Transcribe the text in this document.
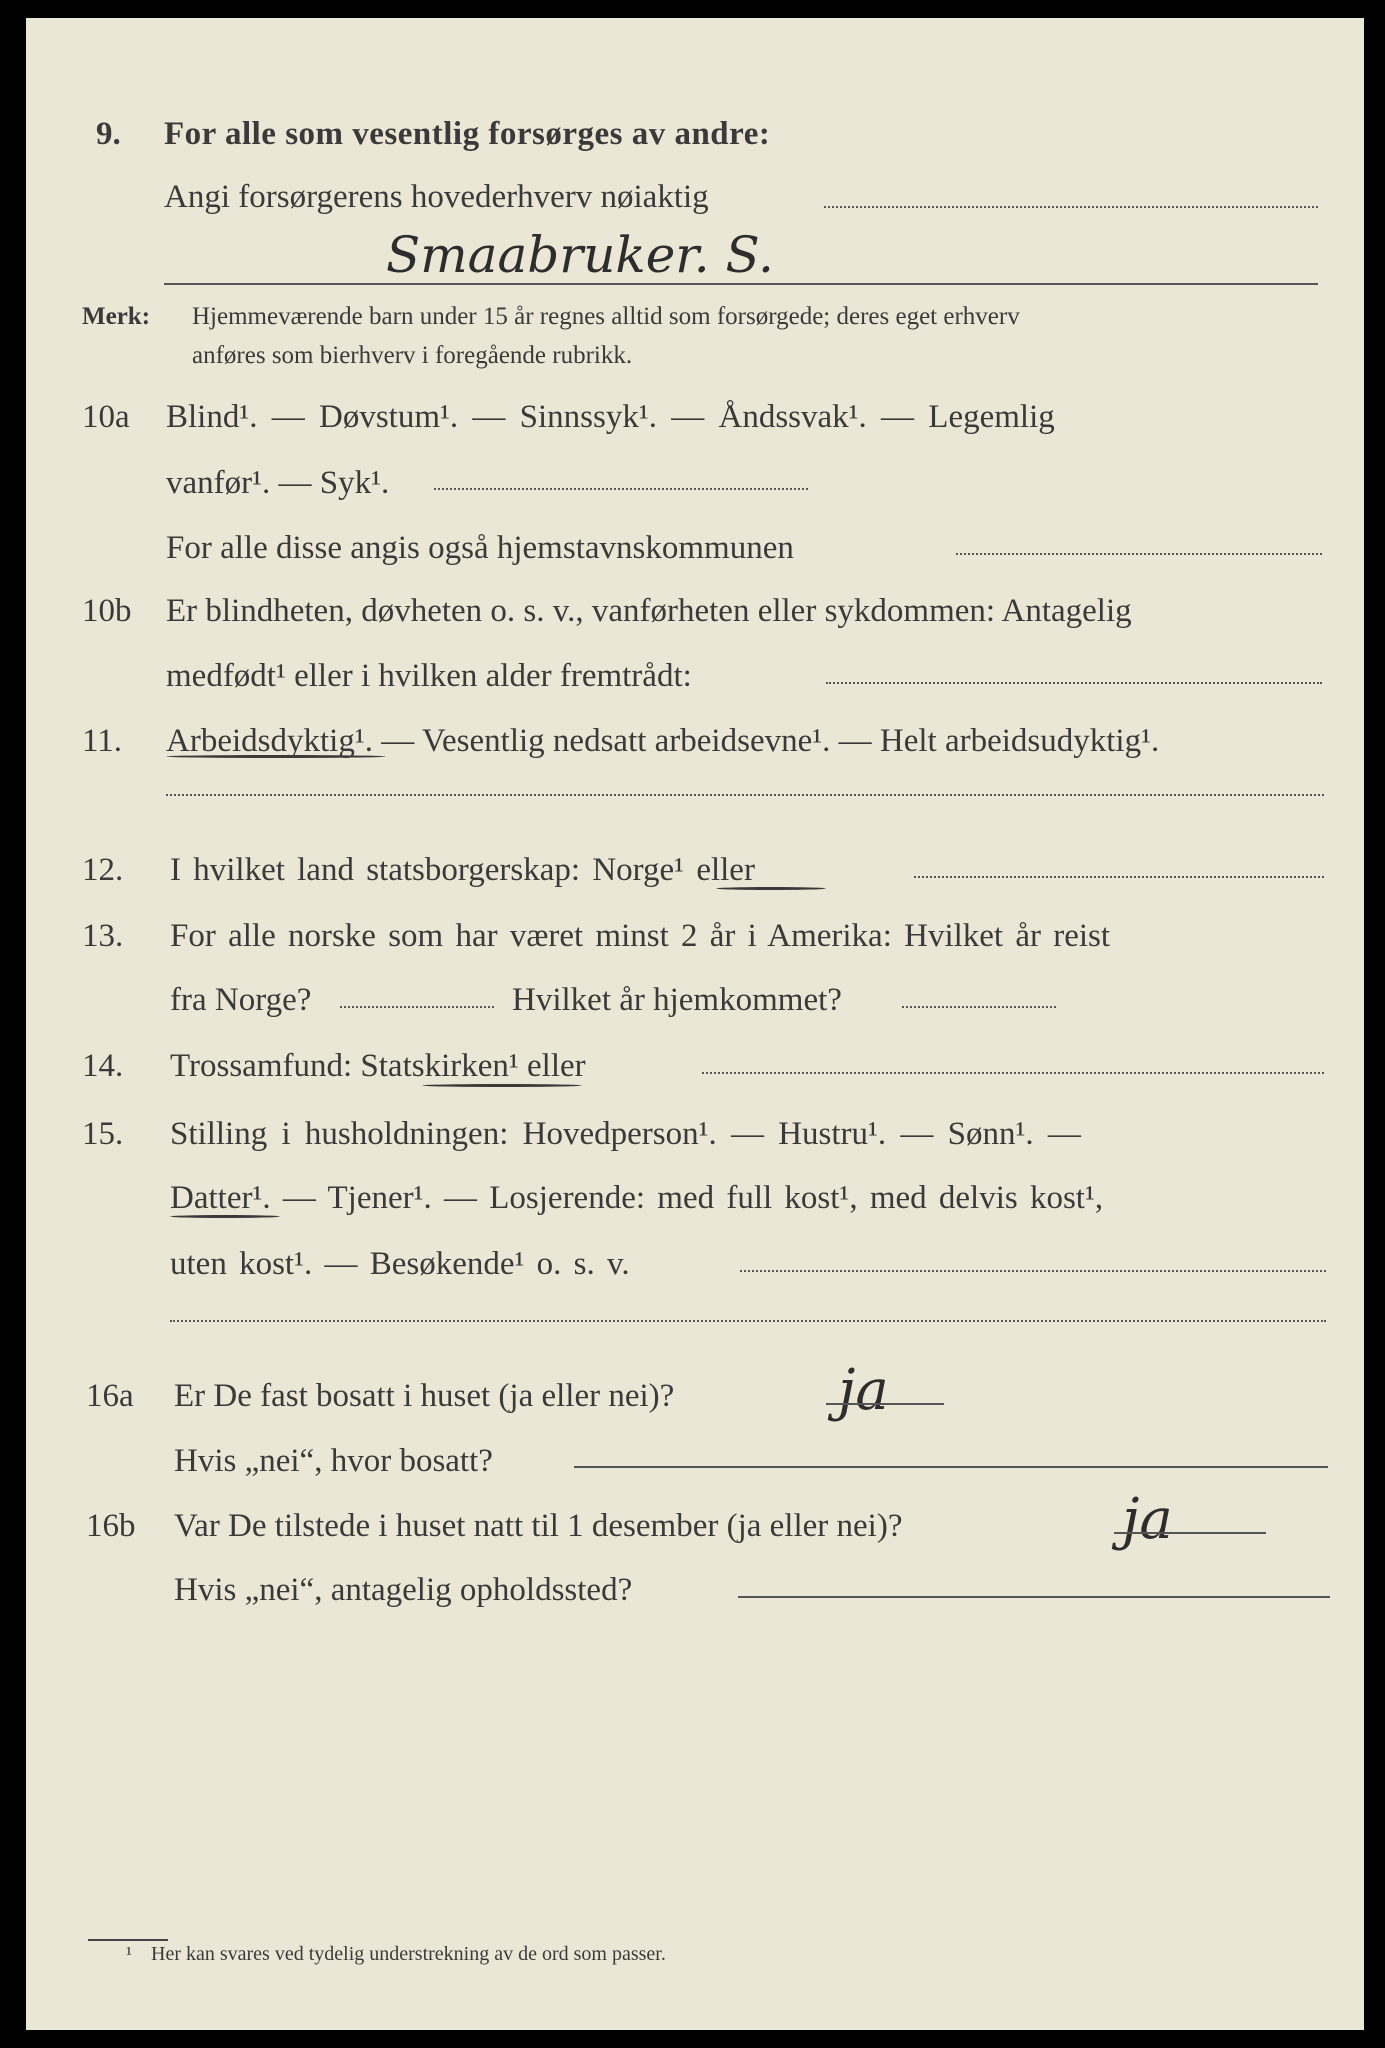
9. For alle som vesentlig forsørges av andre:
Angi forsørgerens hovederhverv nøiaktig
Smaabruker. S.
Merk: Hjemmeværende barn under 15 år regnes alltid som forsørgede; deres eget erhverv
anføres som bierhverv i foregående rubrikk.
10a Blind¹. — Døvstum¹. — Sinnssyk¹. — Åndssvak¹. — Legemlig
vanfør¹. — Syk¹.
For alle disse angis også hjemstavnskommunen
10b Er blindheten, døvheten o. s. v., vanførheten eller sykdommen: Antagelig
medfødt¹ eller i hvilken alder fremtrådt:
11. Arbeidsdyktig¹. — Vesentlig nedsatt arbeidsevne¹. — Helt arbeidsudyktig¹.
12. I hvilket land statsborgerskap: Norge¹ eller
13. For alle norske som har været minst 2 år i Amerika: Hvilket år reist
fra Norge?	Hvilket år hjemkommet?
14. Trossamfund: Statskirken¹ eller
15. Stilling i husholdningen: Hovedperson¹. — Hustru¹. — Sønn¹. —
Datter¹. — Tjener¹. — Losjerende: med full kost¹, med delvis kost¹,
uten kost¹. — Besøkende¹ o. s. v.
16a Er De fast bosatt i huset (ja eller nei)?	ja
Hvis „nei“, hvor bosatt?
16b Var De tilstede i huset natt til 1 desember (ja eller nei)?	ja
Hvis „nei“, antagelig opholdssted?
¹ Her kan svares ved tydelig understrekning av de ord som passer.
